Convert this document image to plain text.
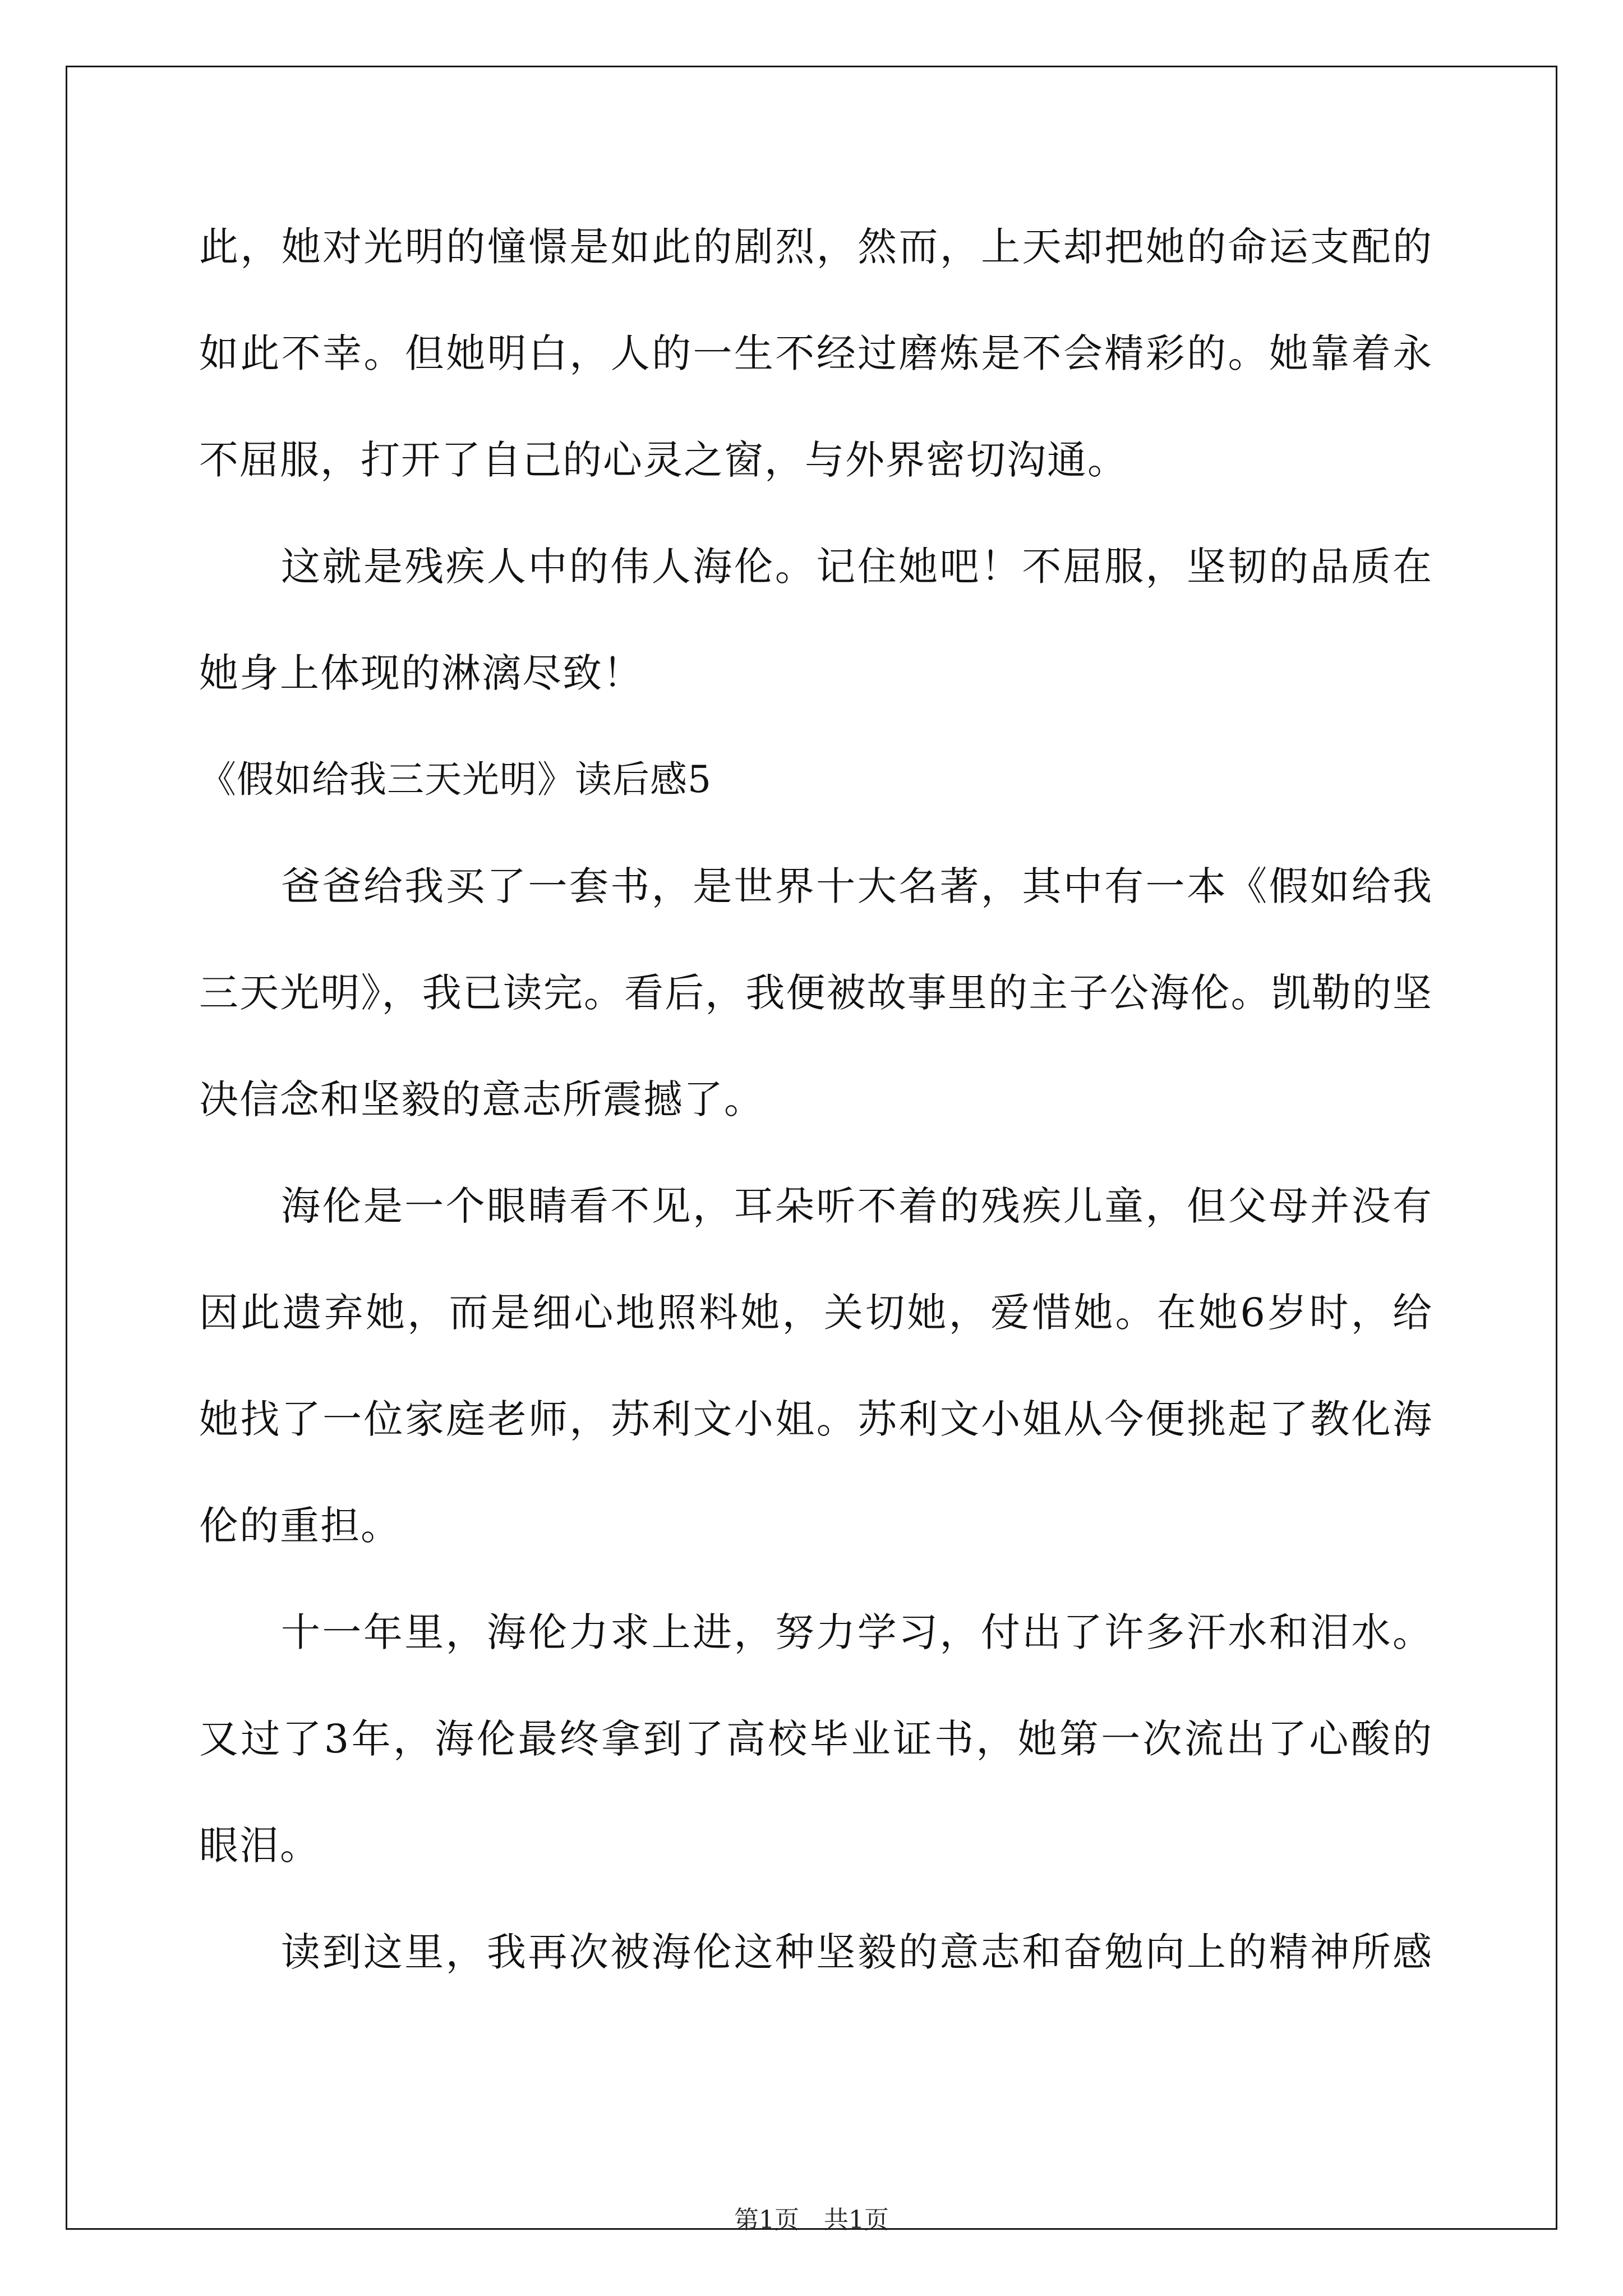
此，她对光明的憧憬是如此的剧烈，然而，上天却把她的命运支配的
如此不幸。但她明白，人的一生不经过磨炼是不会精彩的。她靠着永
不屈服，打开了自己的心灵之窗，与外界密切沟通。
这就是残疾人中的伟人海伦。记住她吧！不屈服，坚韧的品质在
她身上体现的淋漓尽致！
《假如给我三天光明》读后感5
爸爸给我买了一套书，是世界十大名著，其中有一本《假如给我
三天光明》，我已读完。看后，我便被故事里的主子公海伦。凯勒的坚
决信念和坚毅的意志所震撼了。
海伦是一个眼睛看不见，耳朵听不着的残疾儿童，但父母并没有
因此遗弃她，而是细心地照料她，关切她，爱惜她。在她6岁时，给
她找了一位家庭老师，苏利文小姐。苏利文小姐从今便挑起了教化海
伦的重担。
十一年里，海伦力求上进，努力学习，付出了许多汗水和泪水。
又过了3年，海伦最终拿到了高校毕业证书，她第一次流出了心酸的
眼泪。
读到这里，我再次被海伦这种坚毅的意志和奋勉向上的精神所感
第1页　共1页
